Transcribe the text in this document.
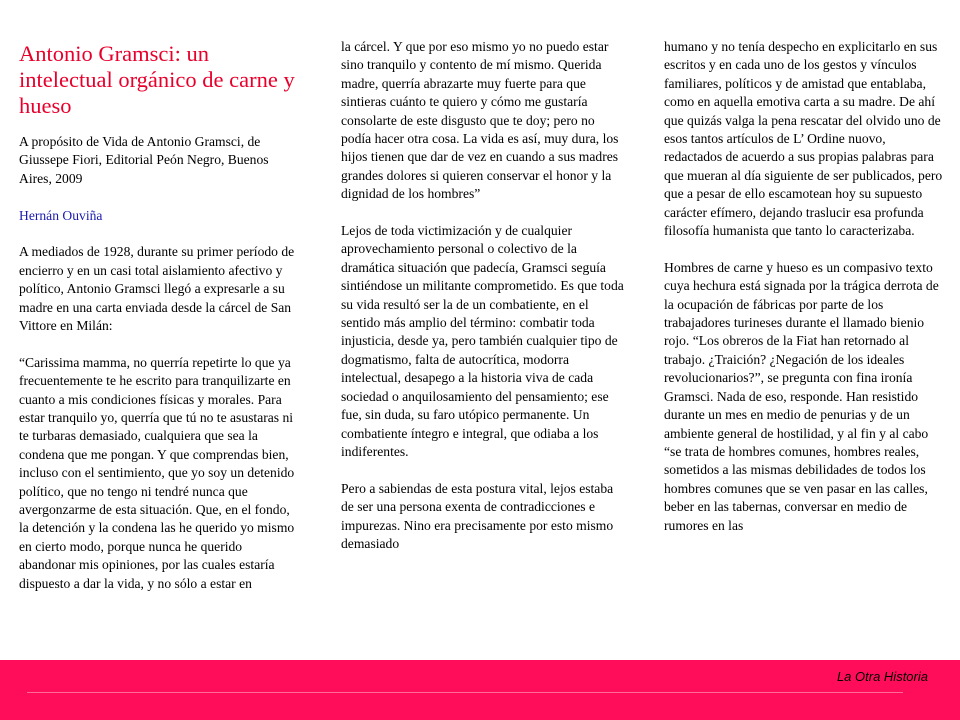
Antonio Gramsci: un intelectual orgánico de carne y hueso

A propósito de Vida de Antonio Gramsci, de Giussepe Fiori, Editorial Peón Negro, Buenos Aires, 2009

Hernán Ouviña

A mediados de 1928, durante su primer período de encierro y en un casi total aislamiento afectivo y político, Antonio Gramsci llegó a expresarle a su madre en una carta enviada desde la cárcel de San Vittore en Milán:

“Carissima mamma, no querría repetirte lo que ya frecuentemente te he escrito para tranquilizarte en cuanto a mis condiciones físicas y morales. Para estar tranquilo yo, querría que tú no te asustaras ni te turbaras demasiado, cualquiera que sea la condena que me pongan. Y que comprendas bien, incluso con el sentimiento, que yo soy un detenido político, que no tengo ni tendré nunca que avergonzarme de esta situación. Que, en el fondo, la detención y la condena las he querido yo mismo en cierto modo, porque nunca he querido abandonar mis opiniones, por las cuales estaría dispuesto a dar la vida, y no sólo a estar en

la cárcel. Y que por eso mismo yo no puedo estar sino tranquilo y contento de mí mismo. Querida madre, querría abrazarte muy fuerte para que sintieras cuánto te quiero y cómo me gustaría consolarte de este disgusto que te doy; pero no podía hacer otra cosa. La vida es así, muy dura, los hijos tienen que dar de vez en cuando a sus madres grandes dolores si quieren conservar el honor y la dignidad de los hombres”

Lejos de toda victimización y de cualquier aprovechamiento personal o colectivo de la dramática situación que padecía, Gramsci seguía sintiéndose un militante comprometido. Es que toda su vida resultó ser la de un combatiente, en el sentido más amplio del término: combatir toda injusticia, desde ya, pero también cualquier tipo de dogmatismo, falta de autocrítica, modorra intelectual, desapego a la historia viva de cada sociedad o anquilosamiento del pensamiento; ese fue, sin duda, su faro utópico permanente. Un combatiente íntegro e integral, que odiaba a los indiferentes.

Pero a sabiendas de esta postura vital, lejos estaba de ser una persona exenta de contradicciones e impurezas. Nino era precisamente por esto mismo demasiado

humano y no tenía despecho en explicitarlo en sus escritos y en cada uno de los gestos y vínculos familiares, políticos y de amistad que entablaba, como en aquella emotiva carta a su madre. De ahí que quizás valga la pena rescatar del olvido uno de esos tantos artículos de L’ Ordine nuovo, redactados de acuerdo a sus propias palabras para que mueran al día siguiente de ser publicados, pero que a pesar de ello escamotean hoy su supuesto carácter efímero, dejando traslucir esa profunda filosofía humanista que tanto lo caracterizaba.

Hombres de carne y hueso es un compasivo texto cuya hechura está signada por la trágica derrota de la ocupación de fábricas por parte de los trabajadores turineses durante el llamado bienio rojo. “Los obreros de la Fiat han retornado al trabajo. ¿Traición? ¿Negación de los ideales revolucionarios?”, se pregunta con fina ironía Gramsci. Nada de eso, responde. Han resistido durante un mes en medio de penurias y de un ambiente general de hostilidad, y al fin y al cabo “se trata de hombres comunes, hombres reales, sometidos a las mismas debilidades de todos los hombres comunes que se ven pasar en las calles, beber en las tabernas, conversar en medio de rumores en las

La Otra Historia
